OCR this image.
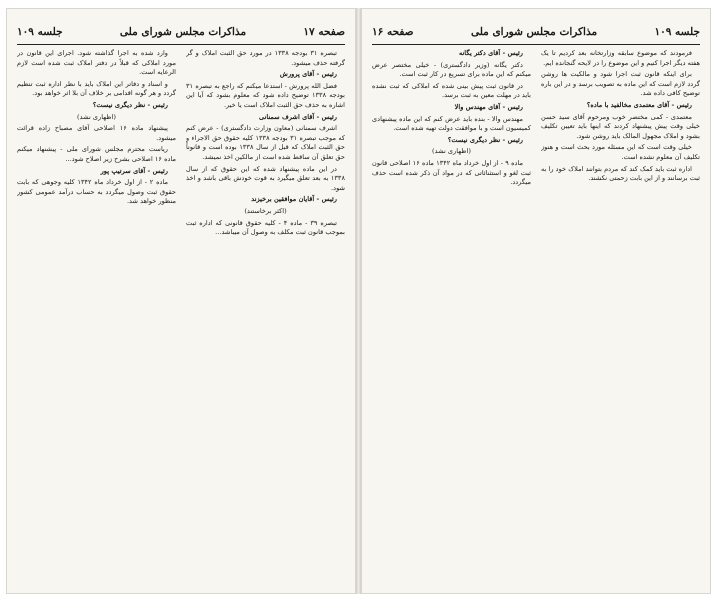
صفحه ۱۷
مذاکرات مجلس شورای ملی
جلسه ۱۰۹

تبصره ۳۱ بودجه ۱۳۳۸ در مورد حق الثبت املاک و گر گرفته حذف میشود.

رئیس - آقای پرورش

فضل الله پرورش - استدعا میکنم که راجع به تبصره ۳۱ بودجه ۱۳۳۸ توضیح داده شود که معلوم بشود که آیا این اشاره به حذف حق الثبت املاک است یا خیر.

رئیس - آقای اشرف سمنانی

اشرف سمنانی (معاون وزارت دادگستری) - عرض کنم که موجب تبصره ۳۱ بودجه ۱۳۳۸ کلیه حقوق حق الاجراء و حق الثبت املاک که قبل از سال ۱۳۳۸ بوده است و قانوناً حق تعلق آن ساقط شده است از مالکین اخذ نمیشد.

در این ماده پیشنهاد شده که این حقوق که از سال ۱۳۳۸ به بعد تعلق میگیرد به قوت خودش باقی باشد و اخذ شود.

رئیس - آقایان موافقین برخیزند

(اکثر برخاستند)

تبصره ۳۹ - ماده ۴ - کلیه حقوق قانونی که اداره ثبت بموجب قانون ثبت مکلف به وصول آن میباشد...

وارد شده به اجرا گذاشته شود. اجرای این قانون در مورد املاکی که قبلاً در دفتر املاک ثبت شده است لازم الرعایه است.

و اسناد و دفاتر این املاک باید با نظر اداره ثبت تنظیم گردد و هر گونه اقدامی بر خلاف آن بلا اثر خواهد بود.

رئیس - نظر دیگری نیست؟

(اظهاری نشد)

پیشنهاد ماده ۱۶ اصلاحی آقای مصباح زاده قرائت میشود.

ریاست محترم مجلس شورای ملی - پیشنهاد میکنم ماده ۱۶ اصلاحی بشرح زیر اصلاح شود...

رئیس - آقای سرتیپ پور

ماده ۲ - از اول خرداد ماه ۱۳۴۲ کلیه وجوهی که بابت حقوق ثبت وصول میگردد به حساب درآمد عمومی کشور منظور خواهد شد.

جلسه ۱۰۹
مذاکرات مجلس شورای ملی
صفحه ۱۶

فرمودند که موضوع سابقه وزارتخانه بعد کردیم تا یک هفته دیگر اجرا کنیم و این موضوع را در لایحه گنجانده ایم.

برای اینکه قانون ثبت اجرا شود و مالکیت ها روشن گردد لازم است که این ماده به تصویب برسد و در این باره توضیح کافی داده شد.

رئیس - آقای معتمدی مخالفید با ماده؟

معتمدی - کمی مختصر خوب ومرحوم آقای سید حسن خیلی وقت پیش پیشنهاد کردند که اینها باید تعیین تکلیف بشود و املاک مجهول المالک باید روشن شود.

خیلی وقت است که این مسئله مورد بحث است و هنوز تکلیف آن معلوم نشده است.

اداره ثبت باید کمک کند که مردم بتوانند املاک خود را به ثبت برسانند و از این بابت زحمتی نکشند.

رئیس - آقای دکتر یگانه

دکتر یگانه (وزیر دادگستری) - خیلی مختصر عرض میکنم که این ماده برای تسریع در کار ثبت است.

در قانون ثبت پیش بینی شده که املاکی که ثبت نشده باید در مهلت معین به ثبت برسد.

رئیس - آقای مهندس والا

مهندس والا - بنده باید عرض کنم که این ماده پیشنهادی کمیسیون است و با موافقت دولت تهیه شده است.

رئیس - نظر دیگری نیست؟

(اظهاری نشد)

ماده ۹ - از اول خرداد ماه ۱۳۴۲ ماده ۱۶ اصلاحی قانون ثبت لغو و استثنائاتی که در مواد آن ذکر شده است حذف میگردد.
